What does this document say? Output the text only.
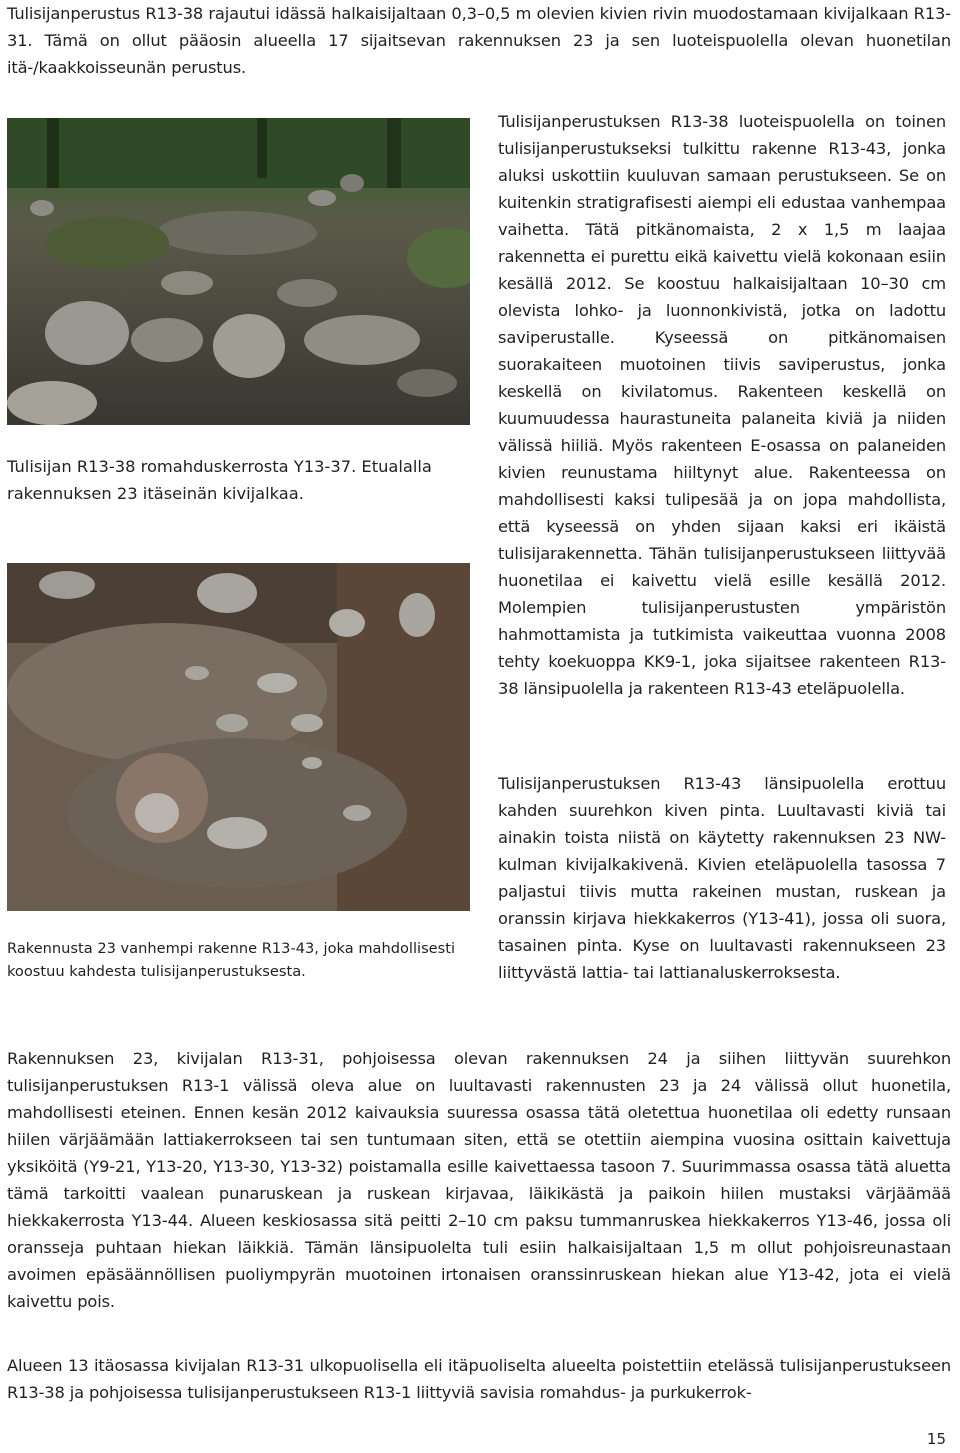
Tulisijanperustus R13-38 rajautui idässä halkaisijaltaan 0,3–0,5 m olevien kivien rivin muodostamaan kivijalkaan R13-31. Tämä on ollut pääosin alueella 17 sijaitsevan rakennuksen 23 ja sen luoteispuolella olevan huonetilan itä-/kaakkoisseunän perustus.
Tulisijan R13-38 romahduskerrosta Y13-37. Etualalla rakennuksen 23 itäseinän kivijalkaa.
Rakennusta 23 vanhempi rakenne R13-43, joka mahdollisesti koostuu kahdesta tulisijanperustuksesta.
Tulisijanperustuksen R13-38 luoteispuolella on toinen tulisijanperustukseksi tulkittu rakenne R13-43, jonka aluksi uskottiin kuuluvan samaan perustukseen. Se on kuitenkin stratigrafisesti aiempi eli edustaa vanhempaa vaihetta. Tätä pitkänomaista, 2 x 1,5 m laajaa rakennetta ei purettu eikä kaivettu vielä kokonaan esiin kesällä 2012. Se koostuu halkaisijaltaan 10–30 cm olevista lohko- ja luonnonkivistä, jotka on ladottu saviperustalle. Kyseessä on pitkänomaisen suorakaiteen muotoinen tiivis saviperustus, jonka keskellä on kivilatomus. Rakenteen keskellä on kuumuudessa haurastuneita palaneita kiviä ja niiden välissä hiiliä. Myös rakenteen E-osassa on palaneiden kivien reunustama hiiltynyt alue. Rakenteessa on mahdollisesti kaksi tulipesää ja on jopa mahdollista, että kyseessä on yhden sijaan kaksi eri ikäistä tulisijarakennetta. Tähän tulisijanperustukseen liittyvää huonetilaa ei kaivettu vielä esille kesällä 2012. Molempien tulisijanperustusten ympäristön hahmottamista ja tutkimista vaikeuttaa vuonna 2008 tehty koekuoppa KK9-1, joka sijaitsee rakenteen R13-38 länsipuolella ja rakenteen R13-43 eteläpuolella.
Tulisijanperustuksen R13-43 länsipuolella erottuu kahden suurehkon kiven pinta. Luultavasti kiviä tai ainakin toista niistä on käytetty rakennuksen 23 NW-kulman kivijalkakivenä. Kivien eteläpuolella tasossa 7 paljastui tiivis mutta rakeinen mustan, ruskean ja oranssin kirjava hiekkakerros (Y13-41), jossa oli suora, tasainen pinta. Kyse on luultavasti rakennukseen 23 liittyvästä lattia- tai lattianaluskerroksesta.
Rakennuksen 23, kivijalan R13-31, pohjoisessa olevan rakennuksen 24 ja siihen liittyvän suurehkon tulisijanperustuksen R13-1 välissä oleva alue on luultavasti rakennusten 23 ja 24 välissä ollut huonetila, mahdollisesti eteinen. Ennen kesän 2012 kaivauksia suuressa osassa tätä oletettua huonetilaa oli edetty runsaan hiilen värjäämään lattiakerrokseen tai sen tuntumaan siten, että se otettiin aiempina vuosina osittain kaivettuja yksiköitä (Y9-21, Y13-20, Y13-30, Y13-32) poistamalla esille kaivettaessa tasoon 7. Suurimmassa osassa tätä aluetta tämä tarkoitti vaalean punaruskean ja ruskean kirjavaa, läikikästä ja paikoin hiilen mustaksi värjäämää hiekkakerrosta Y13-44. Alueen keskiosassa sitä peitti 2–10 cm paksu tummanruskea hiekkakerros Y13-46, jossa oli oransseja puhtaan hiekan läikkiä. Tämän länsipuolelta tuli esiin halkaisijaltaan 1,5 m ollut pohjoisreunastaan avoimen epäsäännöllisen puoliympyrän muotoinen irtonaisen oranssinruskean hiekan alue Y13-42, jota ei vielä kaivettu pois.
Alueen 13 itäosassa kivijalan R13-31 ulkopuolisella eli itäpuoliselta alueelta poistettiin etelässä tulisijanperustukseen R13-38 ja pohjoisessa tulisijanperustukseen R13-1 liittyviä savisia romahdus- ja purkukerrok-
15
